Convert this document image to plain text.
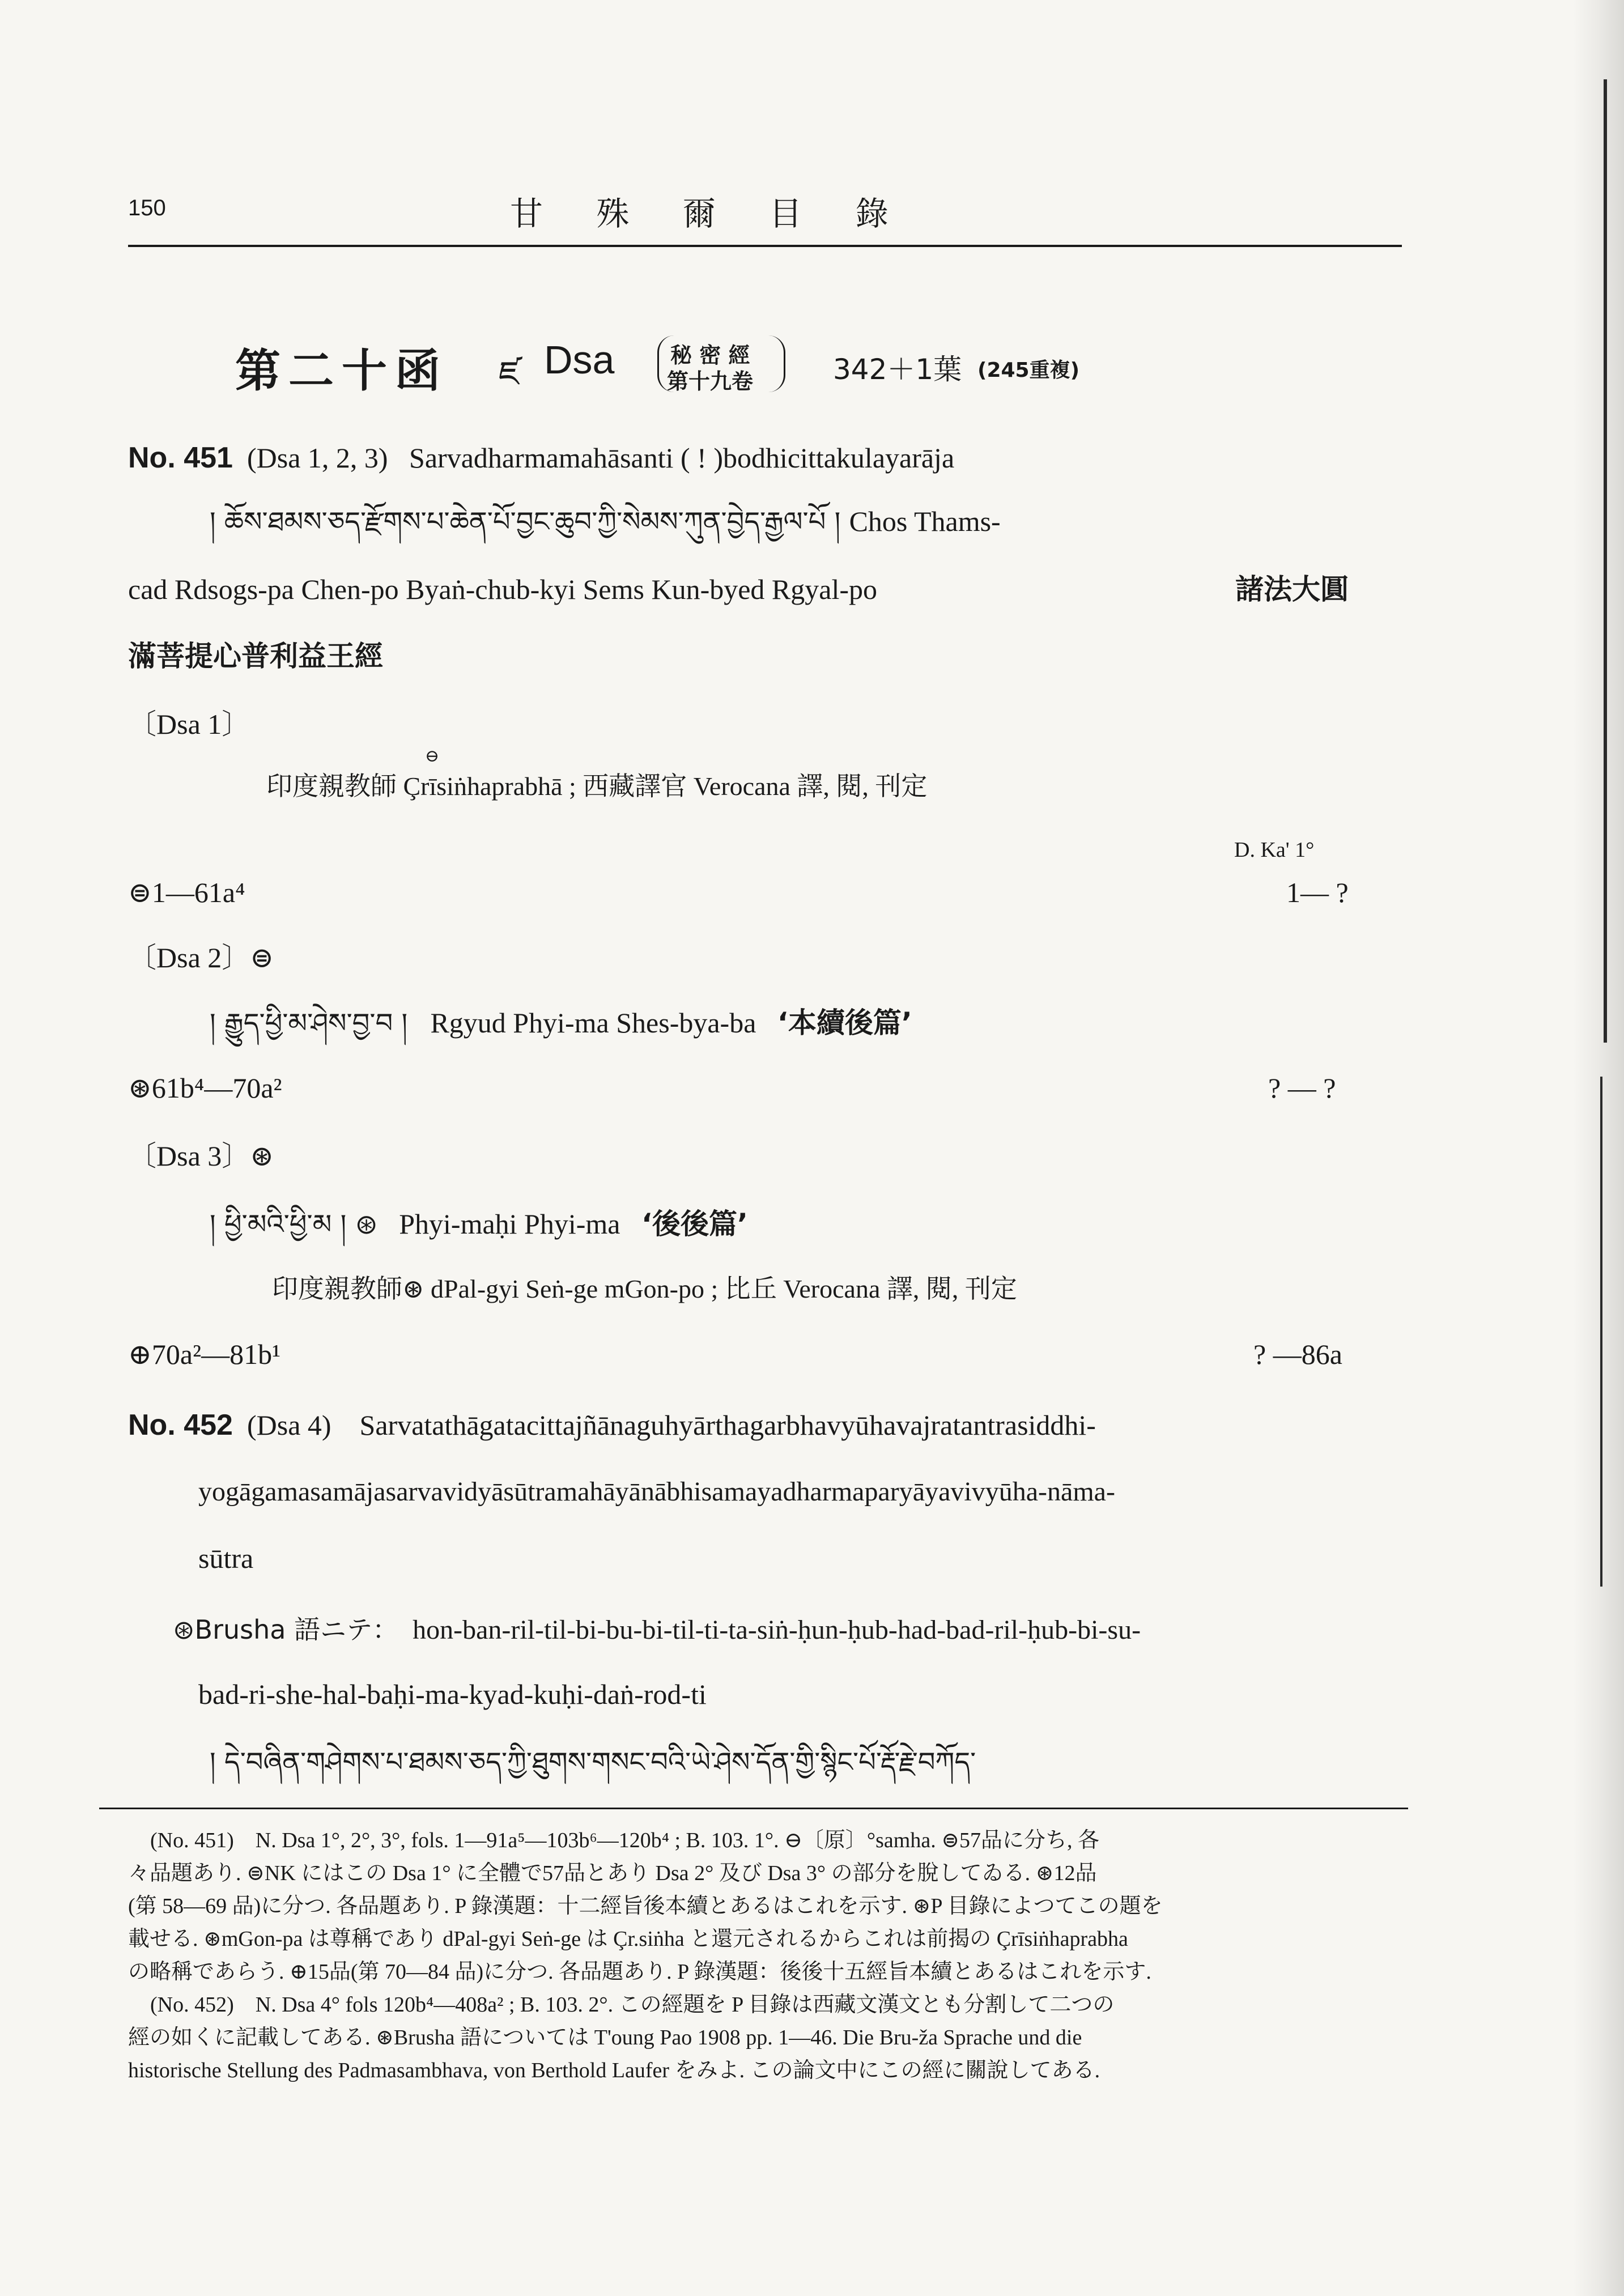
150	甘 殊 爾 目 錄
第二十函 ཛ Dsa	秘 密 經
第十九卷	342＋1葉 (245重複)
No. 451 (Dsa 1, 2, 3) Sarvadharmamahāsanti ( ! )bodhicittakulayarāja
། ཆོས་ཐམས་ཅད་རྫོགས་པ་ཆེན་པོ་བྱང་ཆུབ་ཀྱི་སེམས་ཀུན་བྱེད་རྒྱལ་པོ ། Chos Thams-
cad Rdsogs-pa Chen-po Byaṅ-chub-kyi Sems Kun-byed Rgyal-po	諸法大圓
滿菩提心普利益王經
〔Dsa 1〕
⊖
印度親教師 Çrīsiṅhaprabhā ; 西藏譯官 Verocana 譯, 閱, 刊定
D. Ka' 1°
⊜1—61a⁴	1— ?
〔Dsa 2〕⊜
། རྒྱུད་ཕྱི་མ་ཤེས་བྱ་བ །   Rgyud Phyi-ma Shes-bya-ba ‘本續後篇’
⊛61b⁴—70a²	? — ?
〔Dsa 3〕⊛
། ཕྱི་མའི་ཕྱི་མ ། ⊛ Phyi-maḥi Phyi-ma ‘後後篇’
印度親教師⊛ dPal-gyi Seṅ-ge mGon-po ; 比丘 Verocana 譯, 閱, 刊定
⊕70a²—81b¹	? —86a
No. 452 (Dsa 4) Sarvatathāgatacittajñānaguhyārthagarbhavyūhavajratantrasiddhi-
yogāgamasamājasarvavidyāsūtramahāyānābhisamayadharmaparyāyavivyūha-nāma-
sūtra
⊛Brusha 語ニテ： hon-ban-ril-til-bi-bu-bi-til-ti-ta-siṅ-ḥun-ḥub-had-bad-ril-ḥub-bi-su-
bad-ri-she-hal-baḥi-ma-kyad-kuḥi-daṅ-rod-ti
། དེ་བཞིན་གཤེགས་པ་ཐམས་ཅད་ཀྱི་ཐུགས་གསང་བའི་ཡེ་ཤེས་དོན་གྱི་སྙིང་པོ་རྡོ་རྗེ་བཀོད་
(No. 451)　N. Dsa 1°, 2°, 3°, fols. 1—91a⁵—103b⁶—120b⁴ ; B. 103. 1°. ⊖〔原〕°samha. ⊜57品に分ち, 各
々品題あり. ⊜NK にはこの Dsa 1° に全體で57品とあり Dsa 2° 及び Dsa 3° の部分を脫してゐる. ⊛12品
(第 58—69 品)に分つ. 各品題あり. P 錄漢題：十二經旨後本續とあるはこれを示す. ⊛P 目錄によつてこの題を
載せる. ⊛mGon-pa は尊稱であり dPal-gyi Seṅ-ge は Çr.siṅha と還元されるからこれは前揭の Çrīsiṅhaprabha
の略稱であらう. ⊕15品(第 70—84 品)に分つ. 各品題あり. P 錄漢題：後後十五經旨本續とあるはこれを示す.
(No. 452)　N. Dsa 4° fols 120b⁴—408a² ; B. 103. 2°. この經題を P 目錄は西藏文漢文とも分割して二つの
經の如くに記載してある. ⊛Brusha 語については T'oung Pao 1908 pp. 1—46. Die Bru-ža Sprache und die
historische Stellung des Padmasambhava, von Berthold Laufer をみよ. この論文中にこの經に關說してある.
